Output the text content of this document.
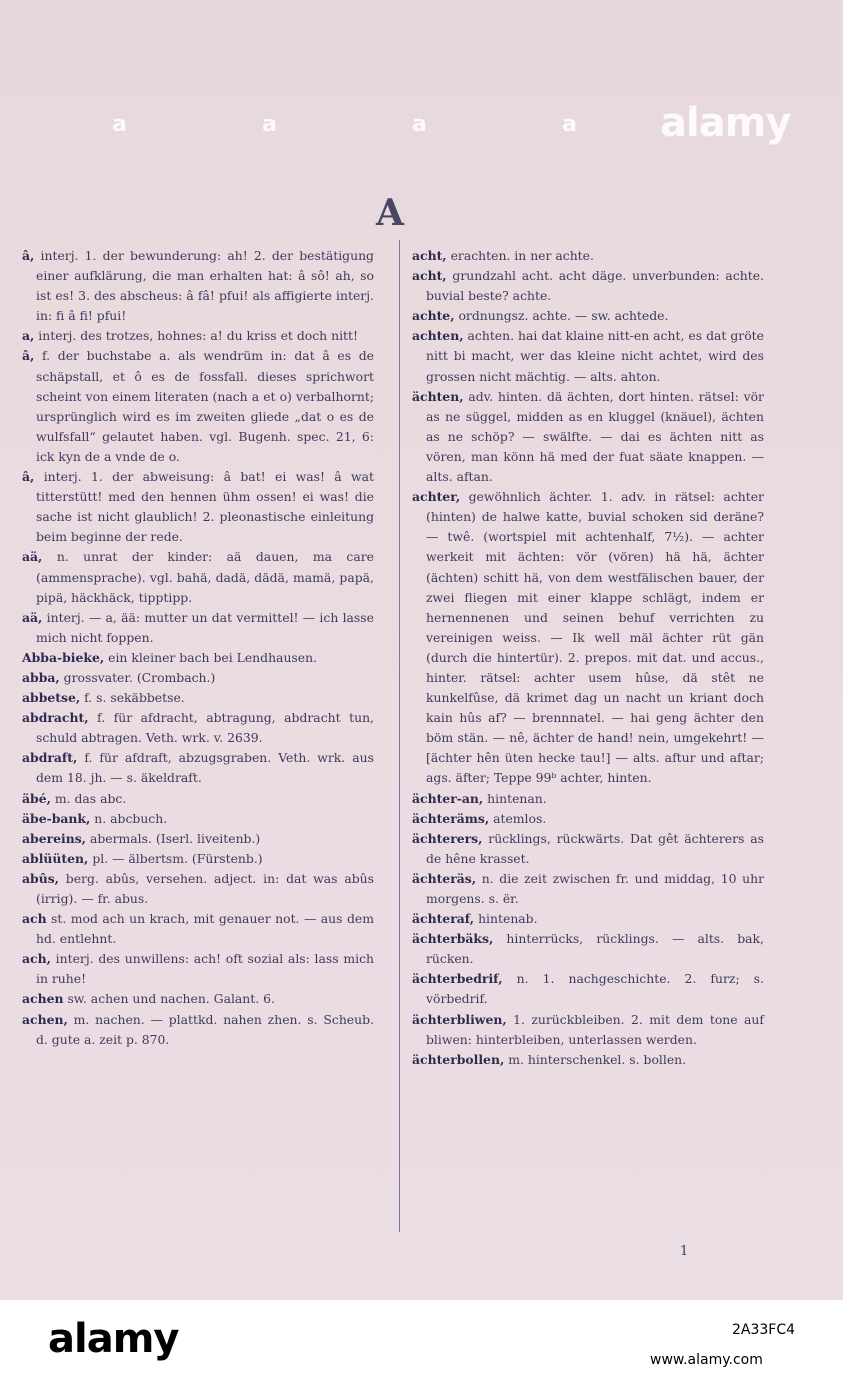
a	a	a	a alamy
A

â, interj. 1. der bewunderung: ah! 2. der bestätigung einer aufklärung, die man erhalten hat: â sô! ah, so ist es! 3. des abscheus: â fâ! pfui! als affigierte interj. in: fi â fi! pfui!

a, interj. des trotzes, hohnes: a! du kriss et doch nitt!

â, f. der buchstabe a. als wendrüm in: dat â es de schäpstall, et ô es de fossfall. dieses sprichwort scheint von einem literaten (nach a et o) verbalhornt; ursprünglich wird es im zweiten gliede „dat o es de wulfsfall“ gelautet haben. vgl. Bugenh. spec. 21, 6: ick kyn de a vnde de o.

â, interj. 1. der abweisung: â bat! ei was! â wat titterstütt! med den hennen ühm ossen! ei was! die sache ist nicht glaublich! 2. pleonastische einleitung beim beginne der rede.

aä, n. unrat der kinder: aä dauen, ma care (ammensprache). vgl. bahä, dadä, dädä, mamä, papä, pipä, häckhäck, tipptipp.

aä, interj. — a, ää: mutter un dat vermittel! — ich lasse mich nicht foppen.

Abba-bieke, ein kleiner bach bei Lendhausen.

abba, grossvater. (Crombach.)

abbetse, f. s. sekäbbetse.

abdracht, f. für afdracht, abtragung, abdracht tun, schuld abtragen. Veth. wrk. v. 2639.

abdraft, f. für afdraft, abzugsgraben. Veth. wrk. aus dem 18. jh. — s. äkeldraft.

äbé, m. das abc.

äbe-bank, n. abcbuch.

abereins, abermals. (Iserl. liveitenb.)

ablüüten, pl. — älbertsm. (Fürstenb.)

abûs, berg. abûs, versehen. adject. in: dat was abûs (irrig). — fr. abus.

ach st. mod ach un krach, mit genauer not. — aus dem hd. entlehnt.

ach, interj. des unwillens: ach! oft sozial als: lass mich in ruhe!

achen sw. achen und nachen. Galant. 6.

achen, m. nachen. — plattkd. nahen zhen. s. Scheub. d. gute a. zeit p. 870.

acht, erachten. in ner achte.

acht, grundzahl acht. acht däge. unverbunden: achte. buvial beste? achte.

achte, ordnungsz. achte. — sw. achtede.

achten, achten. hai dat klaine nitt-en acht, es dat gröte nitt bi macht, wer das kleine nicht achtet, wird des grossen nicht mächtig. — alts. ahton.

ächten, adv. hinten. dä ächten, dort hinten. rätsel: vör as ne süggel, midden as en kluggel (knäuel), ächten as ne schöp? — swälfte. — dai es ächten nitt as vören, man könn hä med der fuat säate knappen. — alts. aftan.

achter, gewöhnlich ächter. 1. adv. in rätsel: achter (hinten) de halwe katte, buvial schoken sid deräne? — twê. (wortspiel mit achtenhalf, 7½). — achter werkeit mit ächten: vör (vören) hä hä, ächter (ächten) schitt hä, von dem westfälischen bauer, der zwei fliegen mit einer klappe schlägt, indem er hernennenen und seinen behuf verrichten zu vereinigen weiss. — Ik well mäl ächter rüt gän (durch die hintertür). 2. prepos. mit dat. und accus., hinter. rätsel: achter usem hûse, dä stêt ne kunkelfûse, dä krimet dag un nacht un kriant doch kain hûs af? — brennnatel. — hai geng ächter den böm stän. — nê, ächter de hand! nein, umgekehrt! — [ächter hên üten hecke tau!] — alts. aftur und aftar; ags. äfter; Teppe 99ᵇ achter, hinten.

ächter-an, hintenan.

ächteräms, atemlos.

ächterers, rücklings, rückwärts. Dat gêt ächterers as de hêne krasset.

ächteräs, n. die zeit zwischen fr. und middag, 10 uhr morgens. s. ër.

ächteraf, hintenab.

ächterbäks, hinterrücks, rücklings. — alts. bak, rücken.

ächterbedrif, n. 1. nachgeschichte. 2. furz; s. vörbedrif.

ächterbliwen, 1. zurückbleiben. 2. mit dem tone auf bliwen: hinterbleiben, unterlassen werden.

ächterbollen, m. hinterschenkel. s. bollen.

1
alamy	2A33FC4
www.alamy.com
